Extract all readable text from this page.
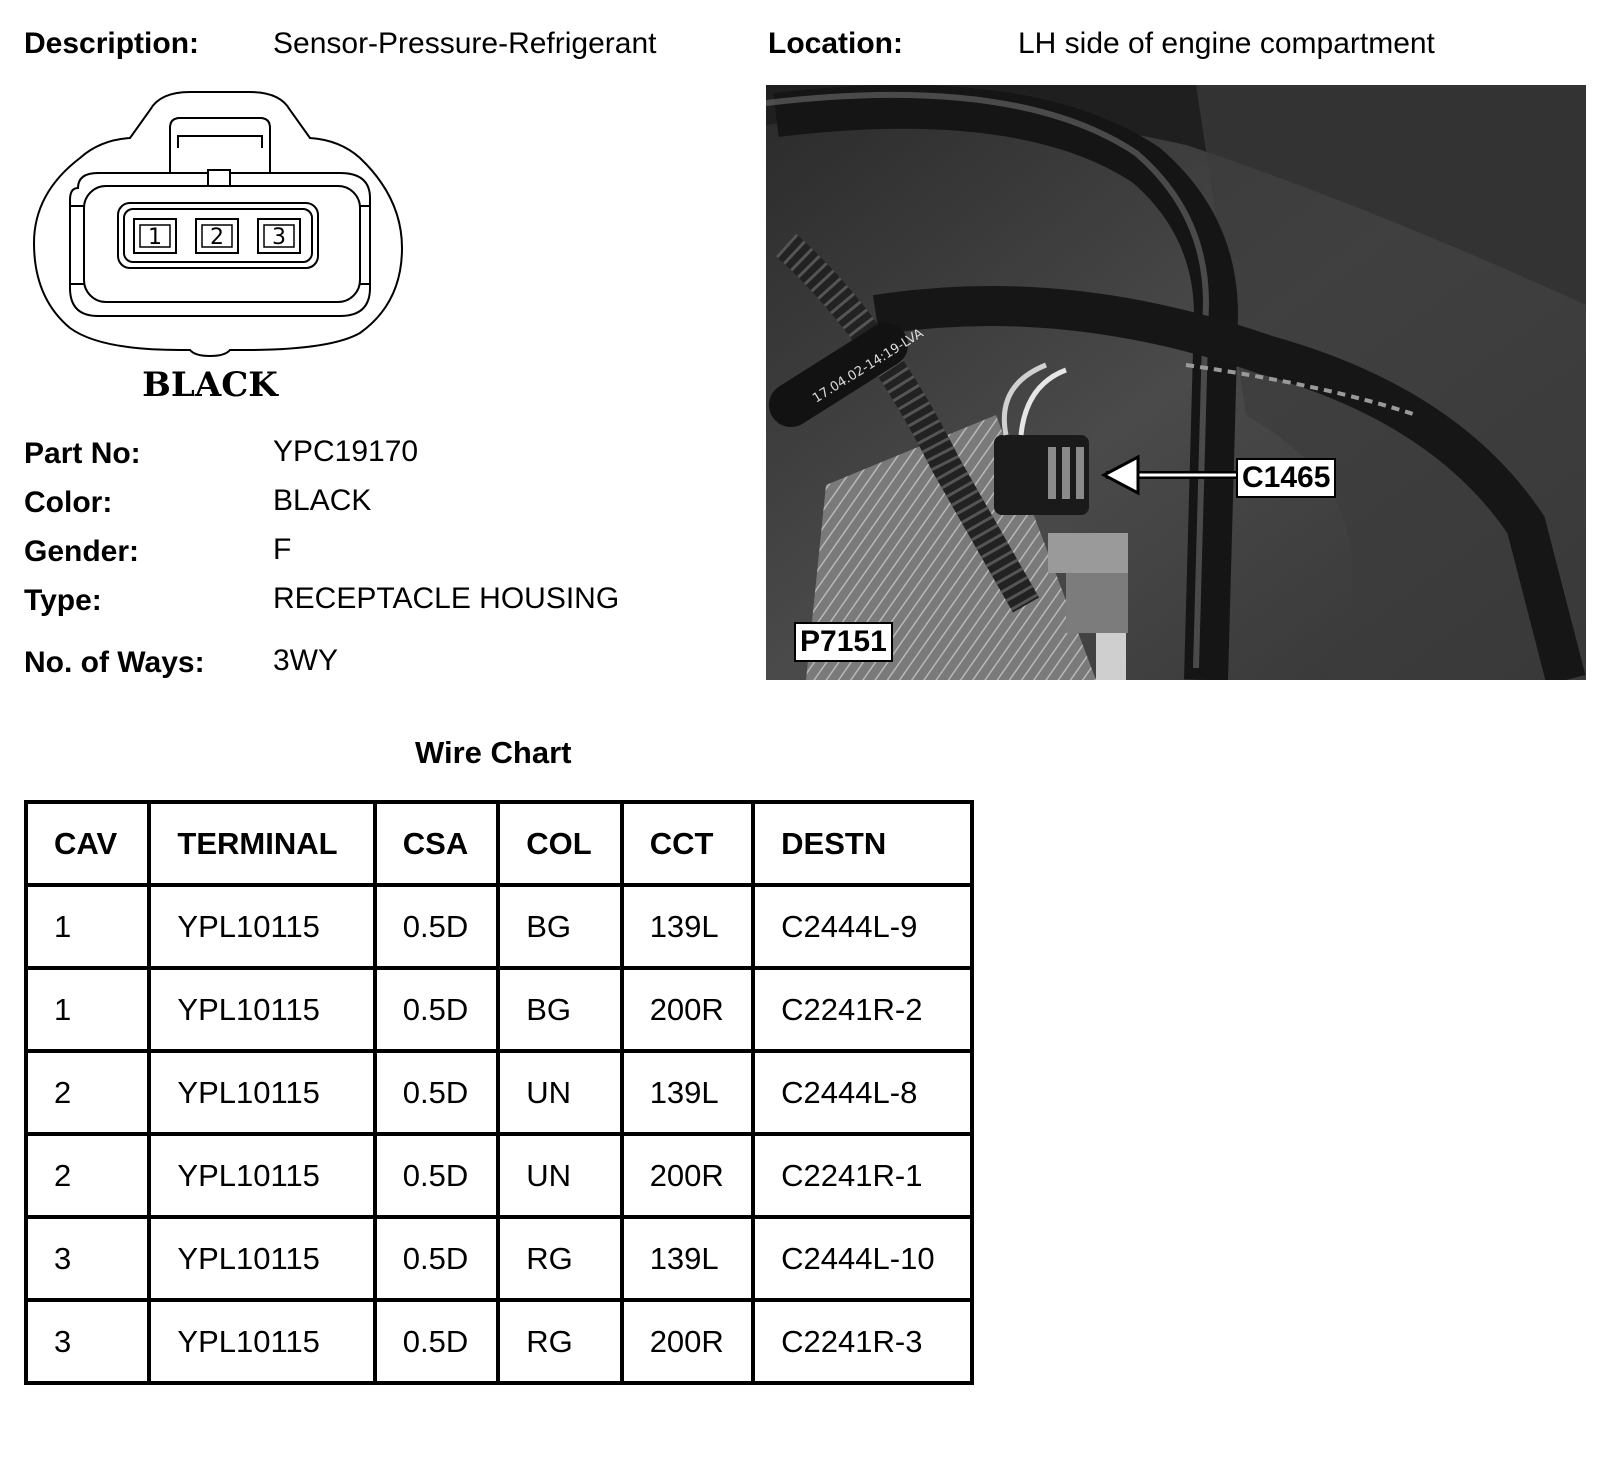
Description: Sensor-Pressure-Refrigerant	Location:	LH side of engine compartment
1 2 3
BLACK
Part No:	YPC19170
Color:	BLACK
Gender:	F
Type:	RECEPTACLE HOUSING
No. of Ways: 3WY
17.04.02-14:19-LVA
C1465
P7151
Wire Chart
CAV	TERMINAL	CSA	COL	CCT	DESTN
1	YPL10115	0.5D	BG	139L	C2444L-9
1	YPL10115	0.5D	BG	200R	C2241R-2
2	YPL10115	0.5D	UN	139L	C2444L-8
2	YPL10115	0.5D	UN	200R	C2241R-1
3	YPL10115	0.5D	RG	139L	C2444L-10
3	YPL10115	0.5D	RG	200R	C2241R-3
